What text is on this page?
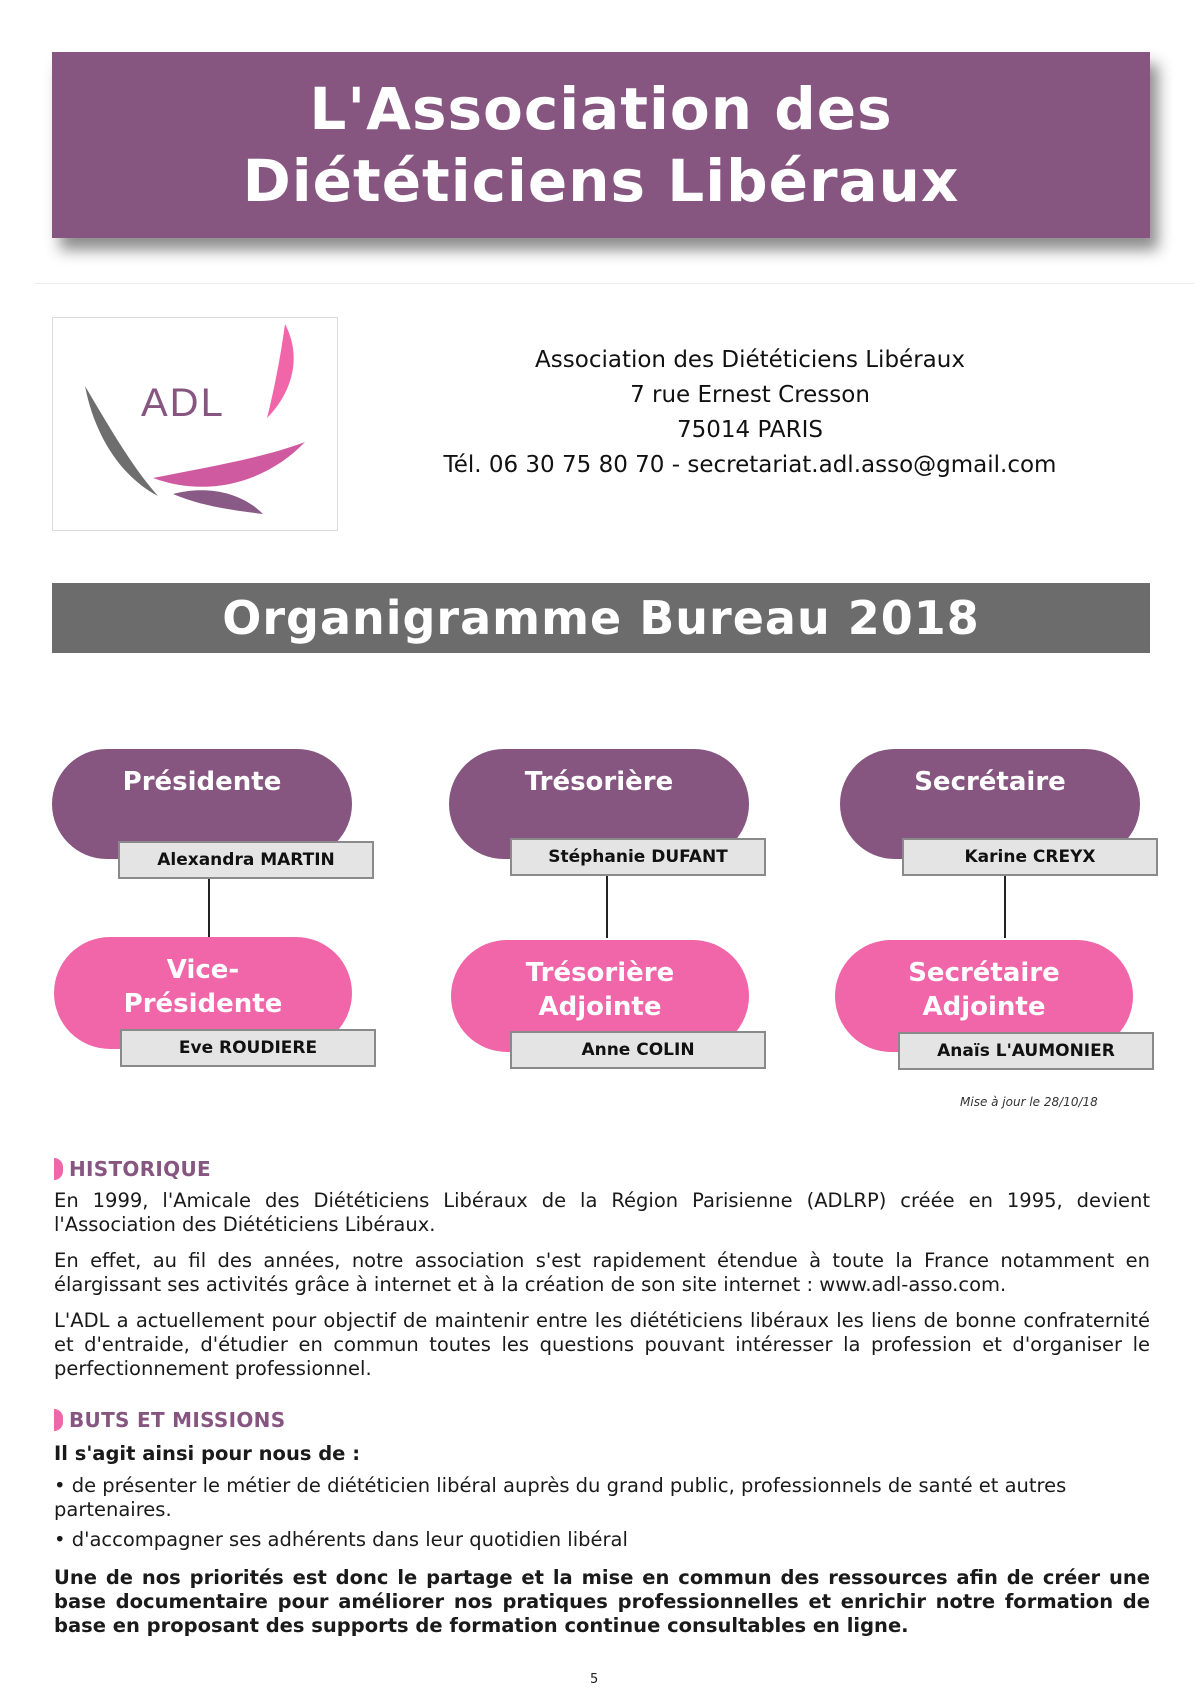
L'Association des Diététiciens Libéraux
ADL
Association des Diététiciens Libéraux
7 rue Ernest Cresson
75014 PARIS
Tél. 06 30 75 80 70 - secretariat.adl.asso@gmail.com
Organigramme Bureau 2018
Présidente
Alexandra MARTIN
Vice-Présidente
Eve ROUDIERE
Trésorière
Stéphanie DUFANT
Trésorière Adjointe
Anne COLIN
Secrétaire
Karine CREYX
Secrétaire Adjointe
Anaïs L'AUMONIER
Mise à jour le 28/10/18
HISTORIQUE

En 1999, l'Amicale des Diététiciens Libéraux de la Région Parisienne (ADLRP) créée en 1995, devient l'Association des Diététiciens Libéraux.

En effet, au fil des années, notre association s'est rapidement étendue à toute la France notamment en élargissant ses activités grâce à internet et à la création de son site internet : www.adl-asso.com.

L'ADL a actuellement pour objectif de maintenir entre les diététiciens libéraux les liens de bonne confraternité et d'entraide, d'étudier en commun toutes les questions pouvant intéresser la profession et d'organiser le perfectionnement professionnel.

BUTS ET MISSIONS
Il s'agit ainsi pour nous de :
• de présenter le métier de diététicien libéral auprès du grand public, professionnels de santé et autres partenaires.
• d'accompagner ses adhérents dans leur quotidien libéral
Une de nos priorités est donc le partage et la mise en commun des ressources afin de créer une base documentaire pour améliorer nos pratiques professionnelles et enrichir notre formation de base en proposant des supports de formation continue consultables en ligne.
5
